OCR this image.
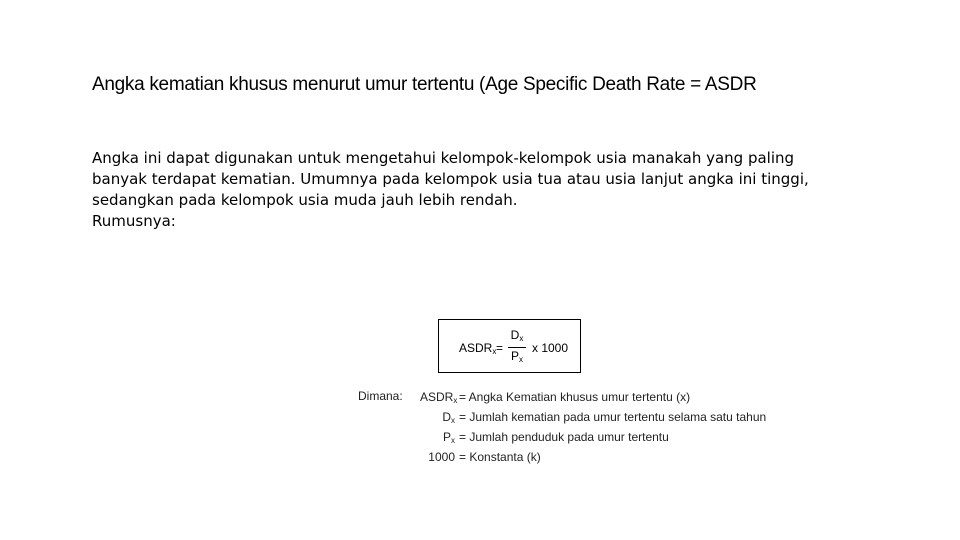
Angka kematian khusus menurut umur tertentu (Age Specific Death Rate = ASDR
Angka ini dapat digunakan untuk mengetahui kelompok-kelompok usia manakah yang paling
banyak terdapat kematian. Umumnya pada kelompok usia tua atau usia lanjut angka ini tinggi,
sedangkan pada kelompok usia muda jauh lebih rendah.
Rumusnya:
$ASDR_x$ =
$D_x$
$P_x$
x 1000
Dimana: $ASDR_x$ = Angka Kematian khusus umur tertentu (x)
$D_x$ = Jumlah kematian pada umur tertentu selama satu tahun
$P_x$ = Jumlah penduduk pada umur tertentu
1000 = Konstanta (k)
